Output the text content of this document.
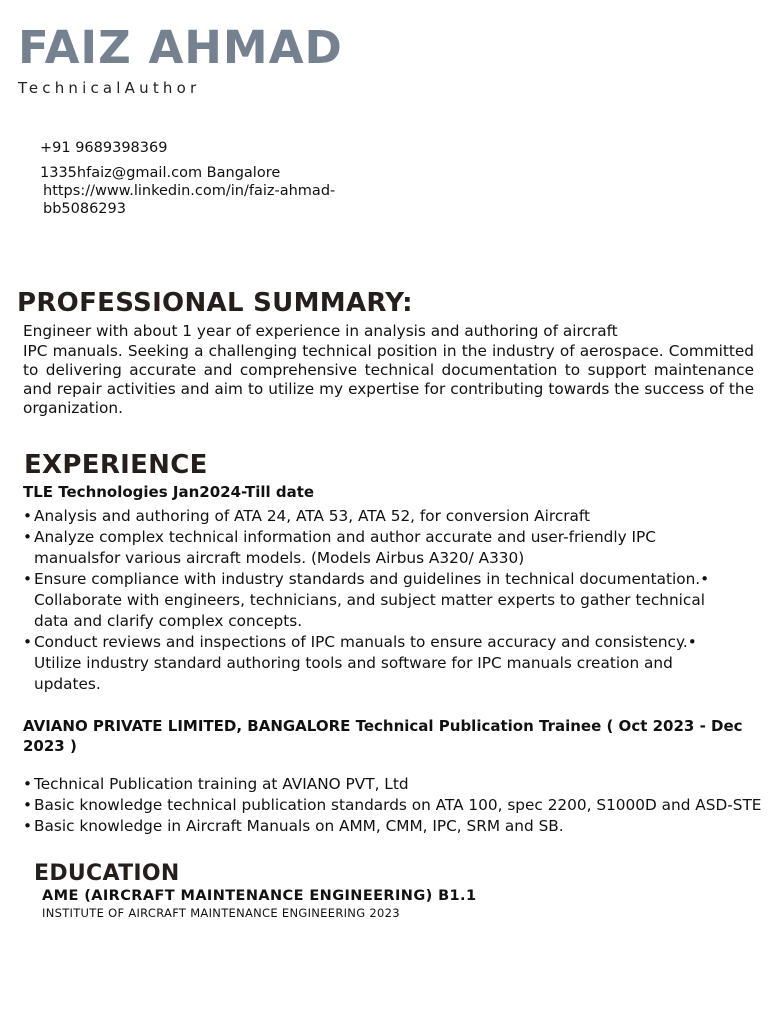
FAIZ AHMAD
TechnicalAuthor
+91 9689398369
1335hfaiz@gmail.com Bangalore
https://www.linkedin.com/in/faiz-ahmad-bb5086293
PROFESSIONAL SUMMARY:
Engineer with about 1 year of experience in analysis and authoring of aircraft

IPC manuals. Seeking a challenging technical position in the industry of aerospace. Committed to delivering accurate and comprehensive technical documentation to support maintenance and repair activities and aim to utilize my expertise for contributing towards the success of the organization.

EXPERIENCE
TLE Technologies Jan2024-Till date
• Analysis and authoring of ATA 24, ATA 53, ATA 52, for conversion Aircraft
• Analyze complex technical information and author accurate and user-friendly IPC manualsfor various aircraft models. (Models Airbus A320/ A330)
• Ensure compliance with industry standards and guidelines in technical documentation.• Collaborate with engineers, technicians, and subject matter experts to gather technical data and clarify complex concepts.
• Conduct reviews and inspections of IPC manuals to ensure accuracy and consistency.• Utilize industry standard authoring tools and software for IPC manuals creation and updates.
AVIANO PRIVATE LIMITED, BANGALORE Technical Publication Trainee ( Oct 2023 - Dec 2023 )
• Technical Publication training at AVIANO PVT, Ltd
• Basic knowledge technical publication standards on ATA 100, spec 2200, S1000D and ASD-STE
• Basic knowledge in Aircraft Manuals on AMM, CMM, IPC, SRM and SB.
EDUCATION
AME (AIRCRAFT MAINTENANCE ENGINEERING) B1.1
INSTITUTE OF AIRCRAFT MAINTENANCE ENGINEERING 2023
